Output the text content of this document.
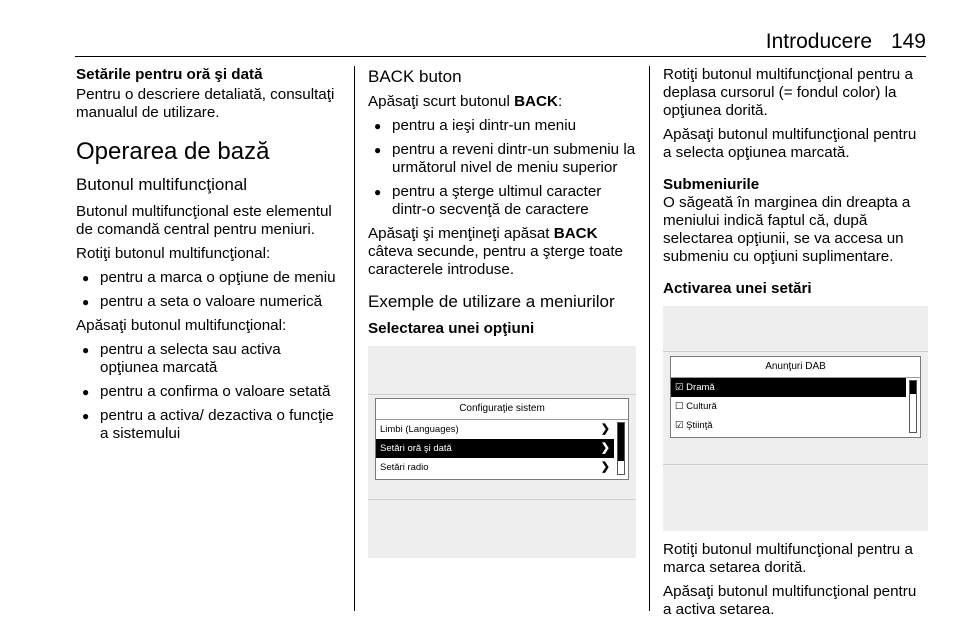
Introducere 149

Setările pentru oră şi dată

Pentru o descriere detaliată, consultaţi manualul de utilizare.

Operarea de bază
Butonul multifuncţional

Butonul multifuncţional este elementul de comandă central pentru meniuri.

Rotiţi butonul multifuncţional:

● pentru a marca o opţiune de meniu
● pentru a seta o valoare numerică

Apăsaţi butonul multifuncţional:

● pentru a selecta sau activa opţiunea marcată
● pentru a confirma o valoare setată
● pentru a activa/ dezactiva o funcţie a sistemului
BACK buton

Apăsaţi scurt butonul BACK:

● pentru a ieşi dintr-un meniu
● pentru a reveni dintr-un submeniu la următorul nivel de meniu superior
● pentru a şterge ultimul caracter dintr-o secvenţă de caractere

Apăsaţi şi menţineţi apăsat BACK câteva secunde, pentru a şterge toate caracterele introduse.

Exemple de utilizare a meniurilor
Selectarea unei opţiuni
Configuraţie sistem
Limbi (Languages)	❯
Setări oră şi dată	❯
Setări radio	❯

Rotiţi butonul multifuncţional pentru a deplasa cursorul (= fondul color) la opţiunea dorită.

Apăsaţi butonul multifuncţional pentru a selecta opţiunea marcată.

Submeniurile

O săgeată în marginea din dreapta a meniului indică faptul că, după selectarea opţiunii, se va accesa un submeniu cu opţiuni suplimentare.

Activarea unei setări
Anunţuri DAB
☑ Dramă
☐ Cultură
☑ Ştiinţă

Rotiţi butonul multifuncţional pentru a marca setarea dorită.

Apăsaţi butonul multifuncţional pentru a activa setarea.
